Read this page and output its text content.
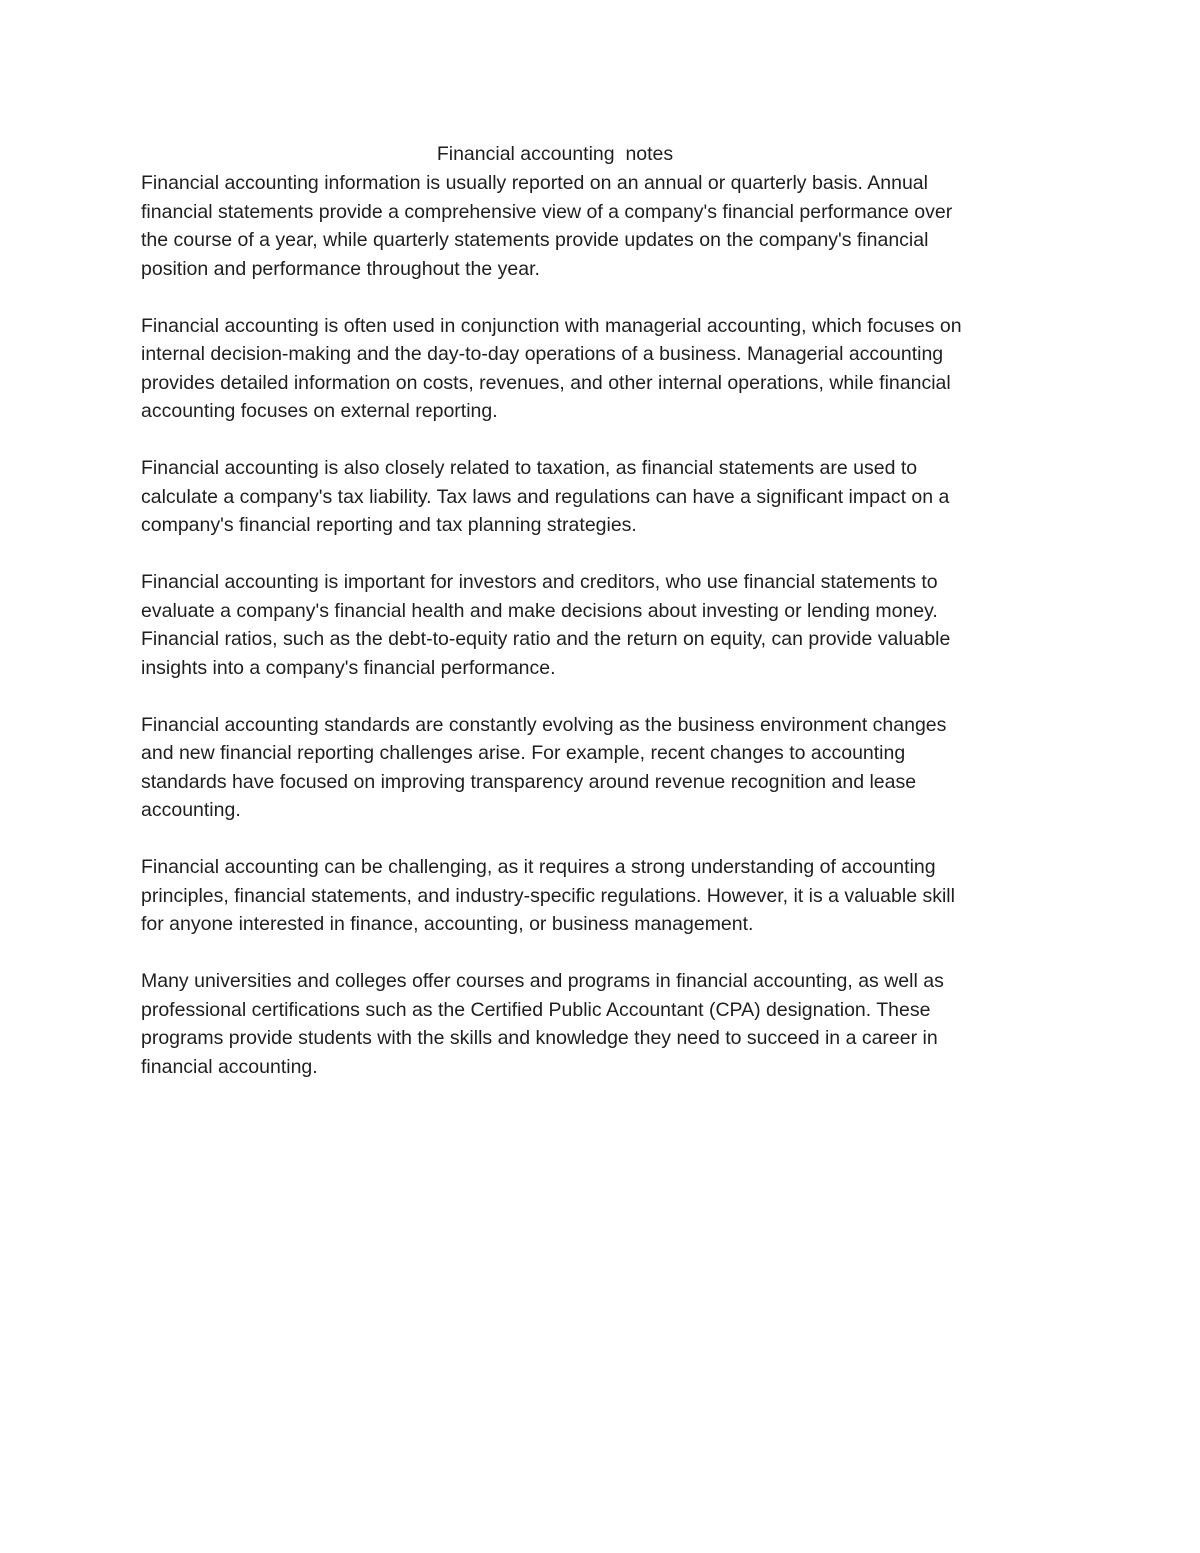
Financial accounting  notes

Financial accounting information is usually reported on an annual or quarterly basis. Annual
financial statements provide a comprehensive view of a company's financial performance over
the course of a year, while quarterly statements provide updates on the company's financial
position and performance throughout the year.

Financial accounting is often used in conjunction with managerial accounting, which focuses on
internal decision-making and the day-to-day operations of a business. Managerial accounting
provides detailed information on costs, revenues, and other internal operations, while financial
accounting focuses on external reporting.

Financial accounting is also closely related to taxation, as financial statements are used to
calculate a company's tax liability. Tax laws and regulations can have a significant impact on a
company's financial reporting and tax planning strategies.

Financial accounting is important for investors and creditors, who use financial statements to
evaluate a company's financial health and make decisions about investing or lending money.
Financial ratios, such as the debt-to-equity ratio and the return on equity, can provide valuable
insights into a company's financial performance.

Financial accounting standards are constantly evolving as the business environment changes
and new financial reporting challenges arise. For example, recent changes to accounting
standards have focused on improving transparency around revenue recognition and lease
accounting.

Financial accounting can be challenging, as it requires a strong understanding of accounting
principles, financial statements, and industry-specific regulations. However, it is a valuable skill
for anyone interested in finance, accounting, or business management.

Many universities and colleges offer courses and programs in financial accounting, as well as
professional certifications such as the Certified Public Accountant (CPA) designation. These
programs provide students with the skills and knowledge they need to succeed in a career in
financial accounting.
